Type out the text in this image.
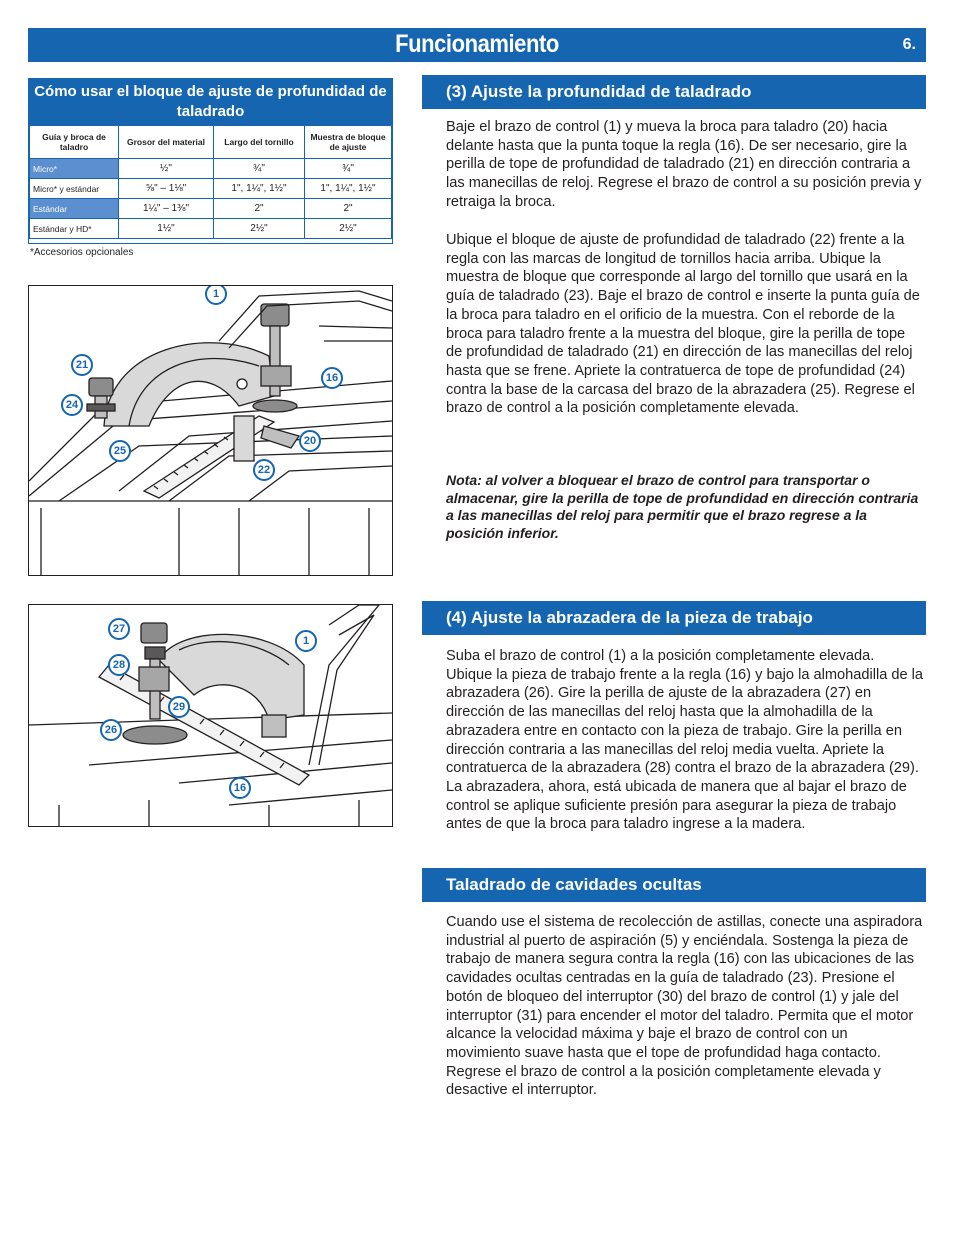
Funcionamiento	6.
Cómo usar el bloque de ajuste de profundidad de taladrado
Guía y broca de taladro	Grosor del material	Largo del tornillo	Muestra de bloque de ajuste
Micro*	½"	¾"	¾"
Micro* y estándar	⅝" – 1⅛"	1", 1¼", 1½"	1", 1¼", 1½"
Estándar	1¼" – 1⅜"	2"	2"
Estándar y HD*	1½"	2½"	2½"
*Accesorios opcionales
1
21
24
16
25
20
22
27
1
28
29
26
16
(3) Ajuste la profundidad de taladrado
Baje el brazo de control (1) y mueva la broca para taladro (20) hacia delante hasta que la punta toque la regla (16). De ser necesario, gire la perilla de tope de profundidad de taladrado (21) en dirección contraria a las manecillas de reloj. Regrese el brazo de control a su posición previa y retraiga la broca.
Ubique el bloque de ajuste de profundidad de taladrado (22) frente a la regla con las marcas de longitud de tornillos hacia arriba. Ubique la muestra de bloque que corresponde al largo del tornillo que usará en la guía de taladrado (23). Baje el brazo de control e inserte la punta guía de la broca para taladro en el orificio de la muestra. Con el reborde de la broca para taladro frente a la muestra del bloque, gire la perilla de tope de profundidad de taladrado (21) en dirección de las manecillas del reloj hasta que se frene. Apriete la contratuerca de tope de profundidad (24) contra la base de la carcasa del brazo de la abrazadera (25). Regrese el brazo de control a la posición completamente elevada.
Nota: al volver a bloquear el brazo de control para transportar o almacenar, gire la perilla de tope de profundidad en dirección contraria a las manecillas del reloj para permitir que el brazo regrese a la posición inferior.
(4) Ajuste la abrazadera de la pieza de trabajo
Suba el brazo de control (1) a la posición completamente elevada. Ubique la pieza de trabajo frente a la regla (16) y bajo la almohadilla de la abrazadera (26). Gire la perilla de ajuste de la abrazadera (27) en dirección de las manecillas del reloj hasta que la almohadilla de la abrazadera entre en contacto con la pieza de trabajo. Gire la perilla en dirección contraria a las manecillas del reloj media vuelta. Apriete la contratuerca de la abrazadera (28) contra el brazo de la abrazadera (29). La abrazadera, ahora, está ubicada de manera que al bajar el brazo de control se aplique suficiente presión para asegurar la pieza de trabajo antes de que la broca para taladro ingrese a la madera.
Taladrado de cavidades ocultas
Cuando use el sistema de recolección de astillas, conecte una aspiradora industrial al puerto de aspiración (5) y enciéndala. Sostenga la pieza de trabajo de manera segura contra la regla (16) con las ubicaciones de las cavidades ocultas centradas en la guía de taladrado (23). Presione el botón de bloqueo del interruptor (30) del brazo de control (1) y jale del interruptor (31) para encender el motor del taladro. Permita que el motor alcance la velocidad máxima y baje el brazo de control con un movimiento suave hasta que el tope de profundidad haga contacto. Regrese el brazo de control a la posición completamente elevada y desactive el interruptor.
